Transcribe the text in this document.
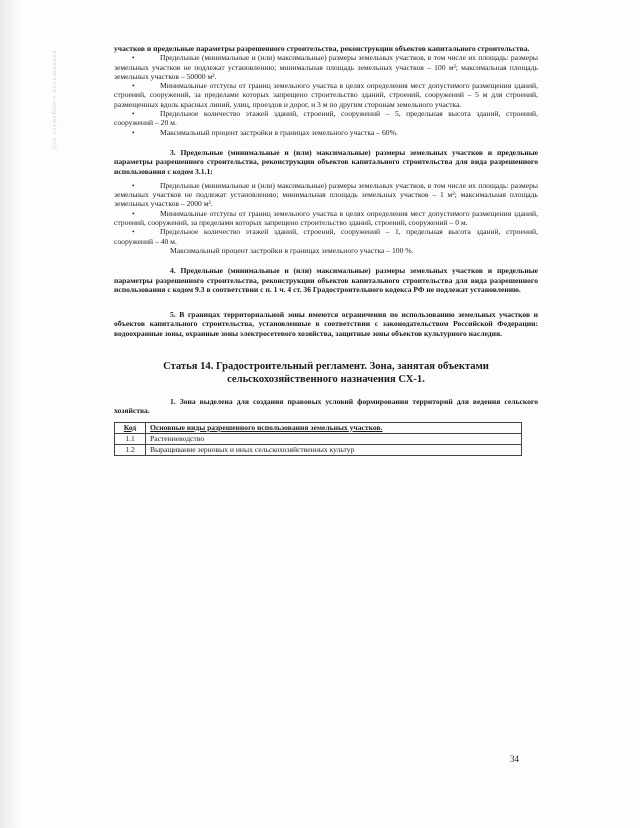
Для служебного пользования

участков и предельные параметры разрешенного строительства, реконструкции объектов капитального строительства.

•	Предельные (минимальные и (или) максимальные) размеры земельных участков, в том числе их площадь: размеры земельных участков не подлежат установлению; минимальная площадь земельных участков – 100 м²; максимальная площадь земельных участков – 50000 м².

•	Минимальные отступы от границ земельного участка в целях определения мест допустимого размещения зданий, строений, сооружений, за пределами которых запрещено строительство зданий, строений, сооружений – 5 м для строений, размещенных вдоль красных линий, улиц, проездов и дорог, и 3 м по другим сторонам земельного участка.

•	Предельное количество этажей зданий, строений, сооружений – 5, предельная высота зданий, строений, сооружений – 20 м.

•	Максимальный процент застройки в границах земельного участка – 60%.

3. Предельные (минимальные и (или) максимальные) размеры земельных участков и предельные параметры разрешенного строительства, реконструкции объектов капитального строительства для вида разрешенного использования с кодом 3.1.1:

•	Предельные (минимальные и (или) максимальные) размеры земельных участков, в том числе их площадь: размеры земельных участков не подлежат установлению; минимальная площадь земельных участков – 1 м²; максимальная площадь земельных участков – 2000 м².

•	Минимальные отступы от границ земельного участка в целях определения мест допустимого размещения зданий, строений, сооружений, за пределами которых запрещено строительство зданий, строений, сооружений – 0 м.

•	Предельное количество этажей зданий, строений, сооружений – 1, предельная высота зданий, строений, сооружений – 40 м.

Максимальный процент застройки в границах земельного участка – 100 %.

4. Предельные (минимальные и (или) максимальные) размеры земельных участков и предельные параметры разрешенного строительства, реконструкции объектов капитального строительства для вида разрешенного использования с кодом 9.3 в соответствии с п. 1 ч. 4 ст. 36 Градостроительного кодекса РФ не подлежат установлению.

5. В границах территориальной зоны имеются ограничения по использованию земельных участков и объектов капитального строительства, установленные в соответствии с законодательством Российской Федерации: водоохранные зоны, охранные зоны электросетевого хозяйства, защитные зоны объектов культурного наследия.

Статья 14. Градостроительный регламент. Зона, занятая объектами сельскохозяйственного назначения СХ-1.

1. Зона выделена для создания правовых условий формирования территорий для ведения сельского хозяйства.

Код	Основные виды разрешенного использования земельных участков.
1.1	Растениеводство
1.2	Выращивание зерновых и иных сельскохозяйственных культур
34
